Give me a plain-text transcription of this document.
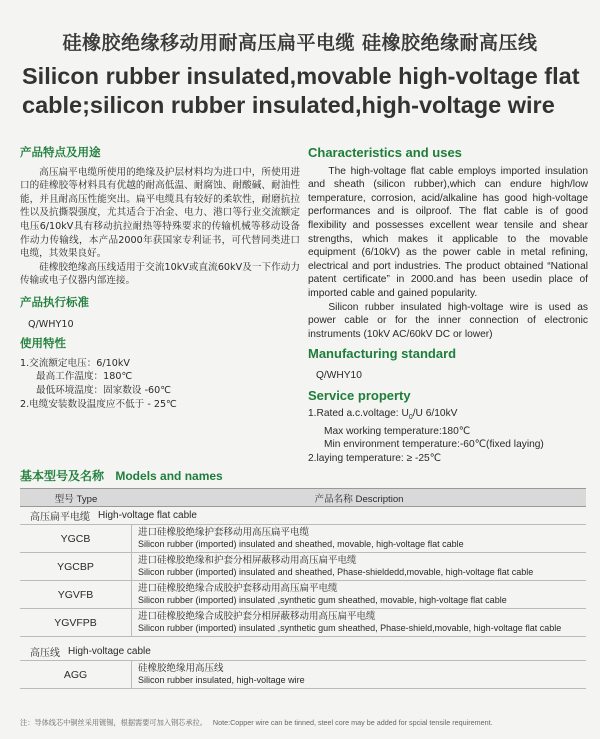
硅橡胶绝缘移动用耐高压扁平电缆 硅橡胶绝缘耐高压线
Silicon rubber insulated,movable high-voltage flat
cable;silicon rubber insulated,high-voltage wire
产品特点及用途
高压扁平电缆所使用的绝缘及护层材料均为进口中，所使用进口的硅橡胶等材料具有优越的耐高低温、耐腐蚀、耐酸碱、耐油性能，并且耐高压性能突出。扁平电缆具有较好的柔软性，耐磨抗拉性以及抗撕裂强度，尤其适合于冶金、电力、港口等行业交流额定电压6/10kV具有移动抗拉耐热等特殊要求的传输机械等移动设备作动力传输线，本产品2000年获国家专利证书，可代替同类进口电缆，其效果良好。
硅橡胶绝缘高压线适用于交流10kV或直流60kV及一下作动力传输或电子仪器内部连接。
产品执行标准
Q/WHY10
使用特性
1.交流额定电压：6/10kV
最高工作温度：180℃
最低环境温度：固家数设 -60℃
2.电缆安装数设温度应不低于 - 25℃
Characteristics and uses
The high-voltage flat cable employs imported insulation and sheath (silicon rubber),which can endure high/low temperature, corrosion, acid/alkaline has good high-voltage performances and is oilproof. The flat cable is of good flexibility and possesses excellent wear tensile and shear strengths, which makes it applicable to the movable equipment (6/10kV) as the power cable in metal refining, electrical and port industries. The product obtained “National patent certificate” in 2000.and has been usedin place of imported cable and gained popularity.
Silicon rubber insulated high-voltage wire is used as power cable or for the inner connection of electronic instruments (10kV AC/60kV DC or lower)
Manufacturing standard
Q/WHY10
Service property
1.Rated a.c.voltage: $U_0/U$ 6/10kV
Max working temperature:180℃
Min environment temperature:-60℃(fixed laying)
2.laying temperature: ≥ -25℃
基本型号及名称 Models and names
型号 Type	产品名称 Description
高压扁平电缆 High-voltage flat cable
YGCB	进口硅橡胶绝缘护套移动用高压扁平电缆
Silicon rubber (imported) insulated and sheathed, movable, high-voltage flat cable
YGCBP	进口硅橡胶绝缘和护套分相屏蔽移动用高压扁平电缆
Silicon rubber (imported) insulated and sheathed, Phase-shieldedd,movable, high-voltage flat cable
YGVFB	进口硅橡胶绝缘合成胶护套移动用高压扁平电缆
Silicon rubber (imported) insulated ,synthetic gum sheathed, movable, high-voltage flat cable
YGVFPB	进口硅橡胶绝缘合成胶护套分相屏蔽移动用高压扁平电缆
Silicon rubber (imported) insulated ,synthetic gum sheathed, Phase-shield,movable, high-voltage flat cable
高压线 High-voltage cable
AGG	硅橡胶绝缘用高压线
Silicon rubber insulated, high-voltage wire
注：导体线芯中铜丝采用镀锡，根据需要可加入钢芯承拉。 Note:Copper wire can be tinned, steel core may be added for spcial tensile requirement.
